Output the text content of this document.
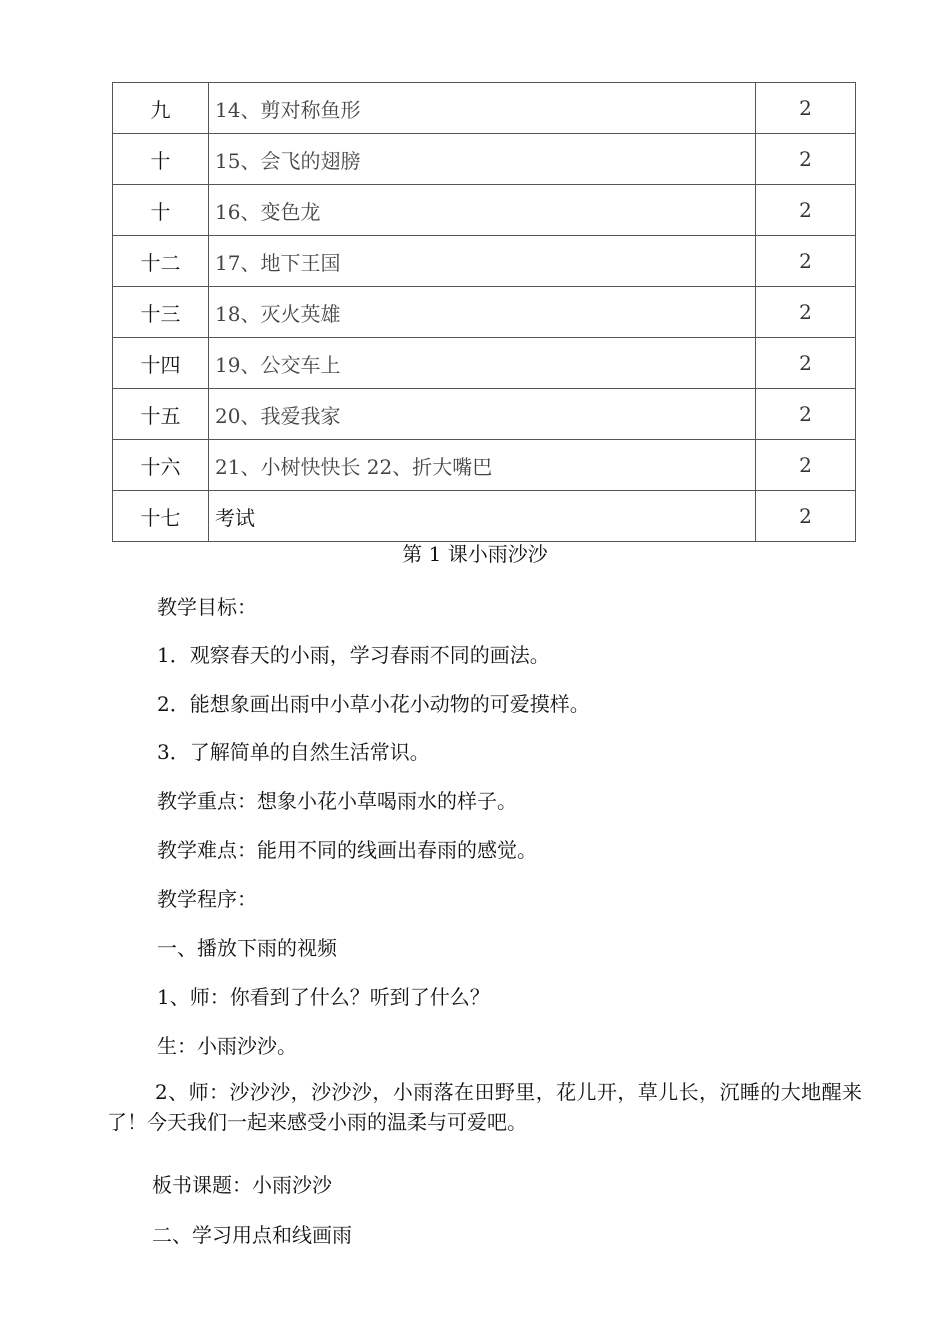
九	14、剪对称鱼形	2
十	15、会飞的翅膀	2
十	16、变色龙	2
十二	17、地下王国	2
十三	18、灭火英雄	2
十四	19、公交车上	2
十五	20、我爱我家	2
十六	21、小树快快长 22、折大嘴巴	2
十七	考试	2
第 1 课小雨沙沙
教学目标：
1．观察春天的小雨，学习春雨不同的画法。
2．能想象画出雨中小草小花小动物的可爱摸样。
3．了解简单的自然生活常识。
教学重点：想象小花小草喝雨水的样子。
教学难点：能用不同的线画出春雨的感觉。
教学程序：
一、播放下雨的视频
1、师：你看到了什么？听到了什么？
生：小雨沙沙。
2、师：沙沙沙，沙沙沙，小雨落在田野里，花儿开，草儿长，沉睡的大地醒来了！今天我们一起来感受小雨的温柔与可爱吧。
板书课题：小雨沙沙
二、学习用点和线画雨
